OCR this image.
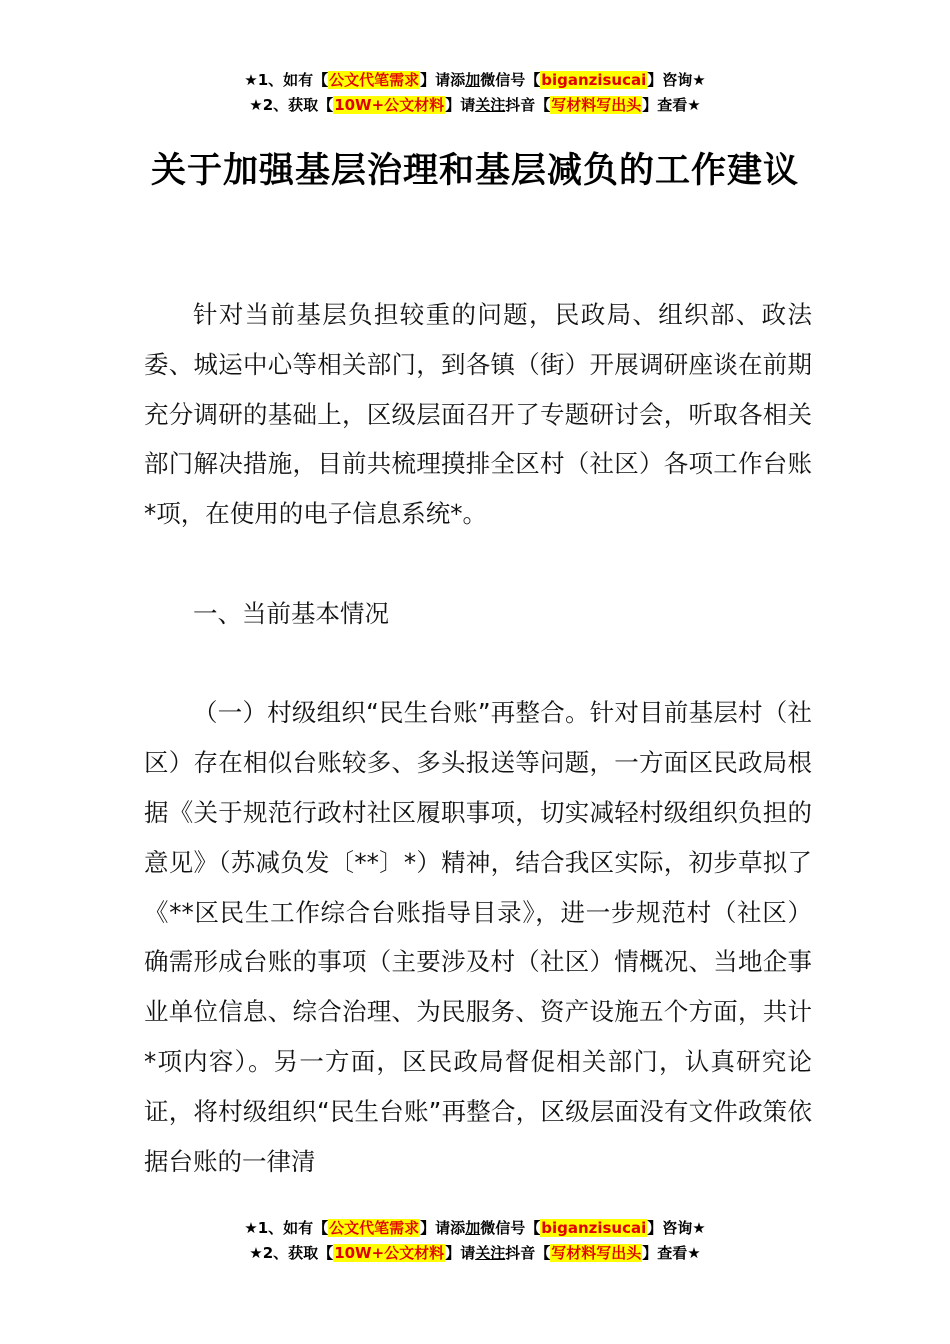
★1、如有【公文代笔需求】请添加微信号【biganzisucai】咨询★
★2、获取【10W+公文材料】请关注抖音【写材料写出头】查看★
关于加强基层治理和基层减负的工作建议

针对当前基层负担较重的问题，民政局、组织部、政法委、城运中心等相关部门，到各镇（街）开展调研座谈在前期充分调研的基础上，区级层面召开了专题研讨会，听取各相关部门解决措施，目前共梳理摸排全区村（社区）各项工作台账*项，在使用的电子信息系统*。

一、当前基本情况

（一）村级组织“民生台账”再整合。针对目前基层村（社区）存在相似台账较多、多头报送等问题，一方面区民政局根据《关于规范行政村社区履职事项，切实减轻村级组织负担的意见》（苏减负发〔**〕*）精神，结合我区实际，初步草拟了《**区民生工作综合台账指导目录》，进一步规范村（社区）确需形成台账的事项（主要涉及村（社区）情概况、当地企事业单位信息、综合治理、为民服务、资产设施五个方面，共计*项内容）。另一方面，区民政局督促相关部门，认真研究论证，将村级组织“民生台账”再整合，区级层面没有文件政策依据台账的一律清

★1、如有【公文代笔需求】请添加微信号【biganzisucai】咨询★
★2、获取【10W+公文材料】请关注抖音【写材料写出头】查看★
